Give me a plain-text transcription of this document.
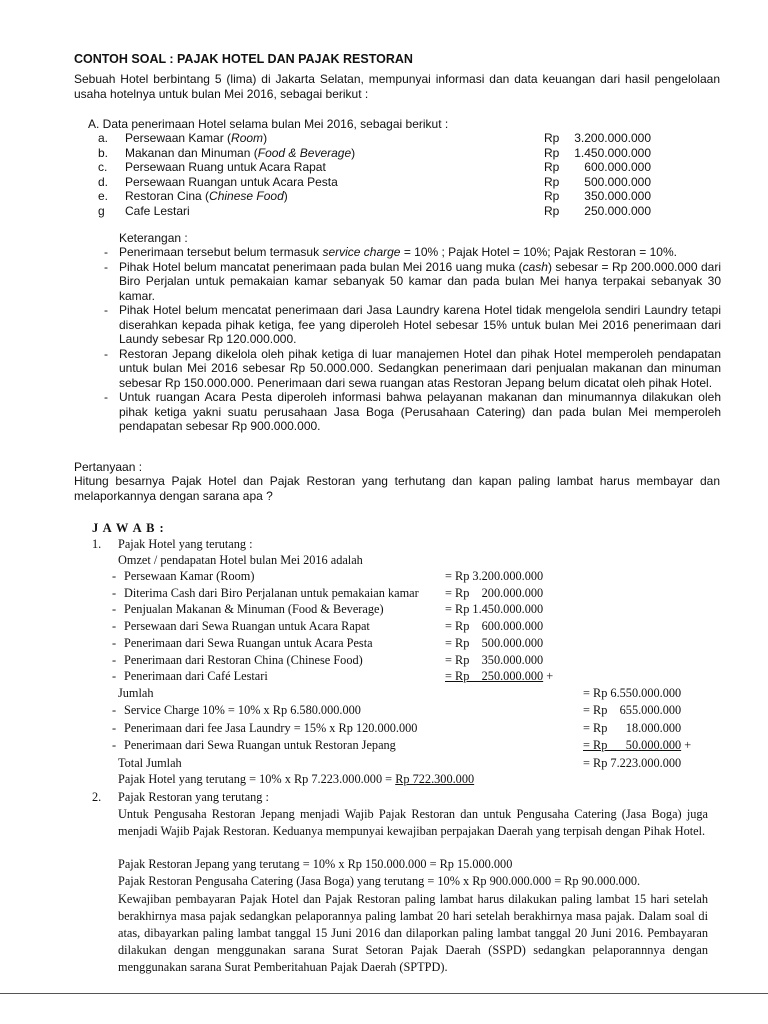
CONTOH SOAL : PAJAK HOTEL DAN PAJAK RESTORAN
Sebuah Hotel berbintang 5 (lima) di Jakarta Selatan, mempunyai informasi dan data keuangan dari hasil pengelolaan usaha hotelnya untuk bulan Mei 2016, sebagai berikut :
A. Data penerimaan Hotel selama bulan Mei 2016, sebagai berikut :
a. Persewaan Kamar (Room)	Rp	3.200.000.000
b. Makanan dan Minuman (Food & Beverage)	Rp	1.450.000.000
c. Persewaan Ruang untuk Acara Rapat	Rp	600.000.000
d. Persewaan Ruangan untuk Acara Pesta	Rp	500.000.000
e. Restoran Cina (Chinese Food)	Rp	350.000.000
g Cafe Lestari	Rp	250.000.000
Keterangan :
- Penerimaan tersebut belum termasuk service charge = 10% ; Pajak Hotel = 10%; Pajak Restoran = 10%.
- Pihak Hotel belum mancatat penerimaan pada bulan Mei 2016 uang muka (cash) sebesar = Rp 200.000.000 dari Biro Perjalan untuk pemakaian kamar sebanyak 50 kamar dan pada bulan Mei hanya terpakai sebanyak 30 kamar.
- Pihak Hotel belum mencatat penerimaan dari Jasa Laundry karena Hotel tidak mengelola sendiri Laundry tetapi diserahkan kepada pihak ketiga, fee yang diperoleh Hotel sebesar 15% untuk bulan Mei 2016 penerimaan dari Laundy sebesar Rp 120.000.000.
- Restoran Jepang dikelola oleh pihak ketiga di luar manajemen Hotel dan pihak Hotel memperoleh pendapatan untuk bulan Mei 2016 sebesar Rp 50.000.000. Sedangkan penerimaan dari penjualan makanan dan minuman sebesar Rp 150.000.000. Penerimaan dari sewa ruangan atas Restoran Jepang belum dicatat oleh pihak Hotel.
- Untuk ruangan Acara Pesta diperoleh informasi bahwa pelayanan makanan dan minumannya dilakukan oleh pihak ketiga yakni suatu perusahaan Jasa Boga (Perusahaan Catering) dan pada bulan Mei memperoleh pendapatan sebesar Rp 900.000.000.
Pertanyaan :
Hitung besarnya Pajak Hotel dan Pajak Restoran yang terhutang dan kapan paling lambat harus membayar dan melaporkannya dengan sarana apa ?
J A W A B :
1. Pajak Hotel yang terutang :
Omzet / pendapatan Hotel bulan Mei 2016 adalah
- Persewaan Kamar (Room)	= Rp 3.200.000.000
- Diterima Cash dari Biro Perjalanan untuk pemakaian kamar = Rp    200.000.000
- Penjualan Makanan & Minuman (Food & Beverage)	= Rp 1.450.000.000
- Persewaan dari Sewa Ruangan untuk Acara Rapat	= Rp    600.000.000
- Penerimaan dari Sewa Ruangan untuk Acara Pesta	= Rp    500.000.000
- Penerimaan dari Restoran China (Chinese Food)	= Rp    350.000.000
- Penerimaan dari Café Lestari	= Rp    250.000.000 +
Jumlah	= Rp 6.550.000.000
- Service Charge 10% = 10% x Rp 6.580.000.000	= Rp    655.000.000
- Penerimaan dari fee Jasa Laundry = 15% x Rp 120.000.000	= Rp      18.000.000
- Penerimaan dari Sewa Ruangan untuk Restoran Jepang	= Rp      50.000.000 +
Total Jumlah	= Rp 7.223.000.000
Pajak Hotel yang terutang = 10% x Rp 7.223.000.000 = Rp 722.300.000
2. Pajak Restoran yang terutang :
Untuk Pengusaha Restoran Jepang menjadi Wajib Pajak Restoran dan untuk Pengusaha Catering (Jasa Boga) juga menjadi Wajib Pajak Restoran. Keduanya mempunyai kewajiban perpajakan Daerah yang terpisah dengan Pihak Hotel.
Pajak Restoran Jepang yang terutang = 10% x Rp 150.000.000 = Rp 15.000.000
Pajak Restoran Pengusaha Catering (Jasa Boga) yang terutang = 10% x Rp 900.000.000 = Rp 90.000.000.
Kewajiban pembayaran Pajak Hotel dan Pajak Restoran paling lambat harus dilakukan paling lambat 15 hari setelah berakhirnya masa pajak sedangkan pelaporannya paling lambat 20 hari setelah berakhirnya masa pajak. Dalam soal di atas, dibayarkan paling lambat tanggal 15 Juni 2016 dan dilaporkan paling lambat tanggal 20 Juni 2016. Pembayaran dilakukan dengan menggunakan sarana Surat Setoran Pajak Daerah (SSPD) sedangkan pelaporannnya dengan menggunakan sarana Surat Pemberitahuan Pajak Daerah (SPTPD).
